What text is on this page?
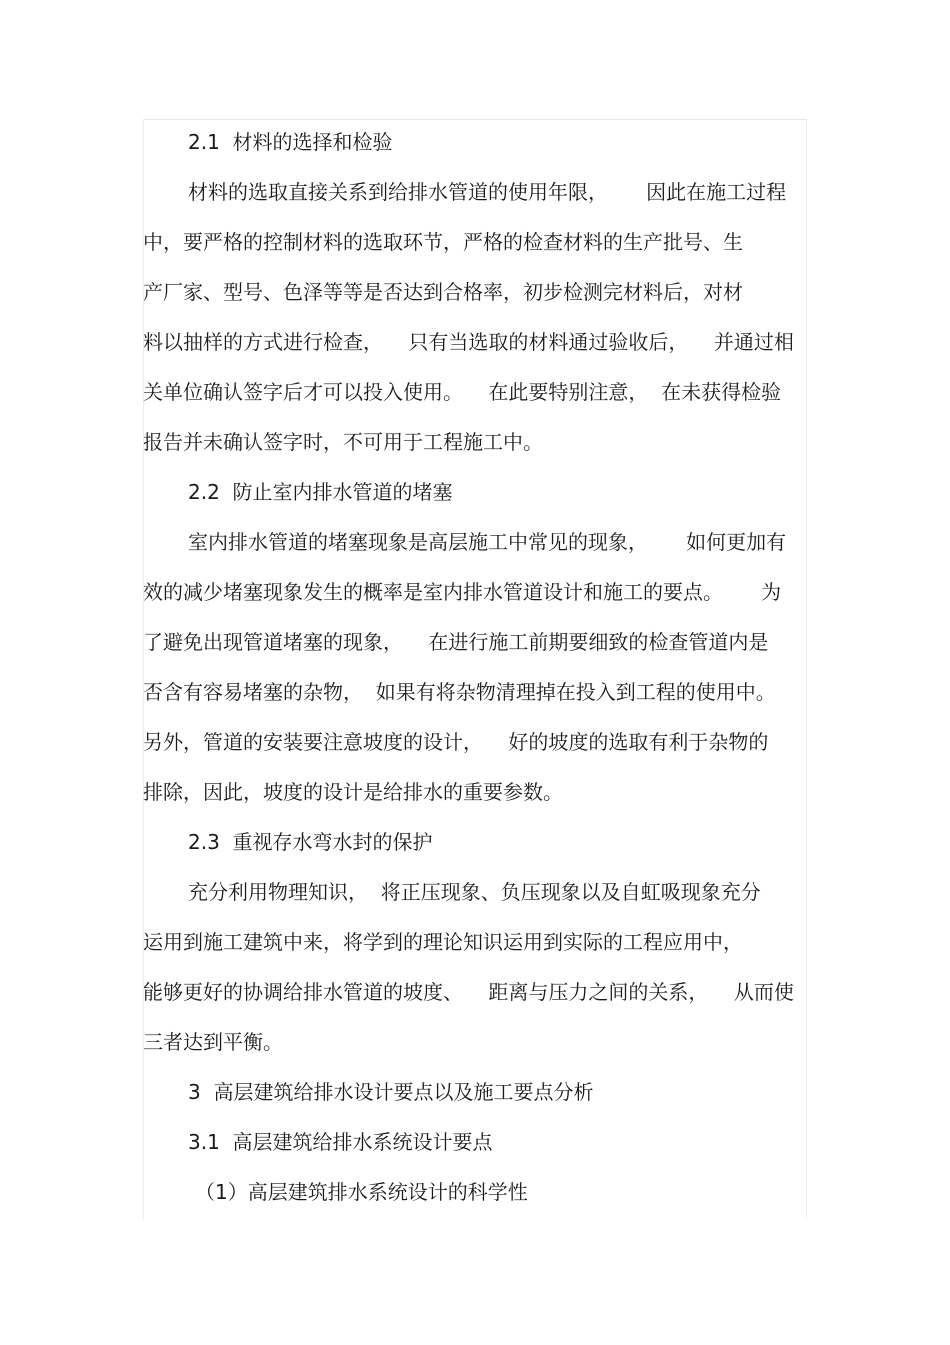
2.1  材料的选择和检验
材料的选取直接关系到给排水管道的使用年限，      因此在施工过程
中，要严格的控制材料的选取环节，严格的检查材料的生产批号、生
产厂家、型号、色泽等等是否达到合格率，初步检测完材料后，对材
料以抽样的方式进行检查，    只有当选取的材料通过验收后，    并通过相
关单位确认签字后才可以投入使用。    在此要特别注意，  在未获得检验
报告并未确认签字时，不可用于工程施工中。
2.2  防止室内排水管道的堵塞
室内排水管道的堵塞现象是高层施工中常见的现象，      如何更加有
效的减少堵塞现象发生的概率是室内排水管道设计和施工的要点。      为
了避免出现管道堵塞的现象，    在进行施工前期要细致的检查管道内是
否含有容易堵塞的杂物，  如果有将杂物清理掉在投入到工程的使用中。
另外，管道的安装要注意坡度的设计，    好的坡度的选取有利于杂物的
排除，因此，坡度的设计是给排水的重要参数。
2.3  重视存水弯水封的保护
充分利用物理知识，  将正压现象、负压现象以及自虹吸现象充分
运用到施工建筑中来，将学到的理论知识运用到实际的工程应用中，
能够更好的协调给排水管道的坡度、    距离与压力之间的关系，    从而使
三者达到平衡。
3  高层建筑给排水设计要点以及施工要点分析
3.1  高层建筑给排水系统设计要点
（1）高层建筑排水系统设计的科学性
